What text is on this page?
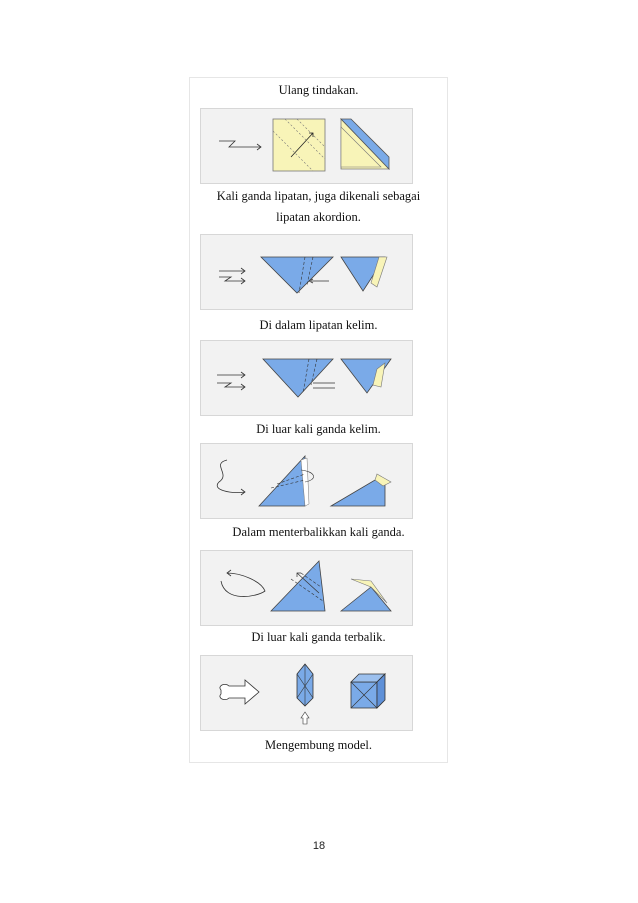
Ulang tindakan.
Kali ganda lipatan, juga dikenali sebagai
lipatan akordion.
Di dalam lipatan kelim.
Di luar kali ganda kelim.
Dalam menterbalikkan kali ganda.
Di luar kali ganda terbalik.
Mengembung model.
18
